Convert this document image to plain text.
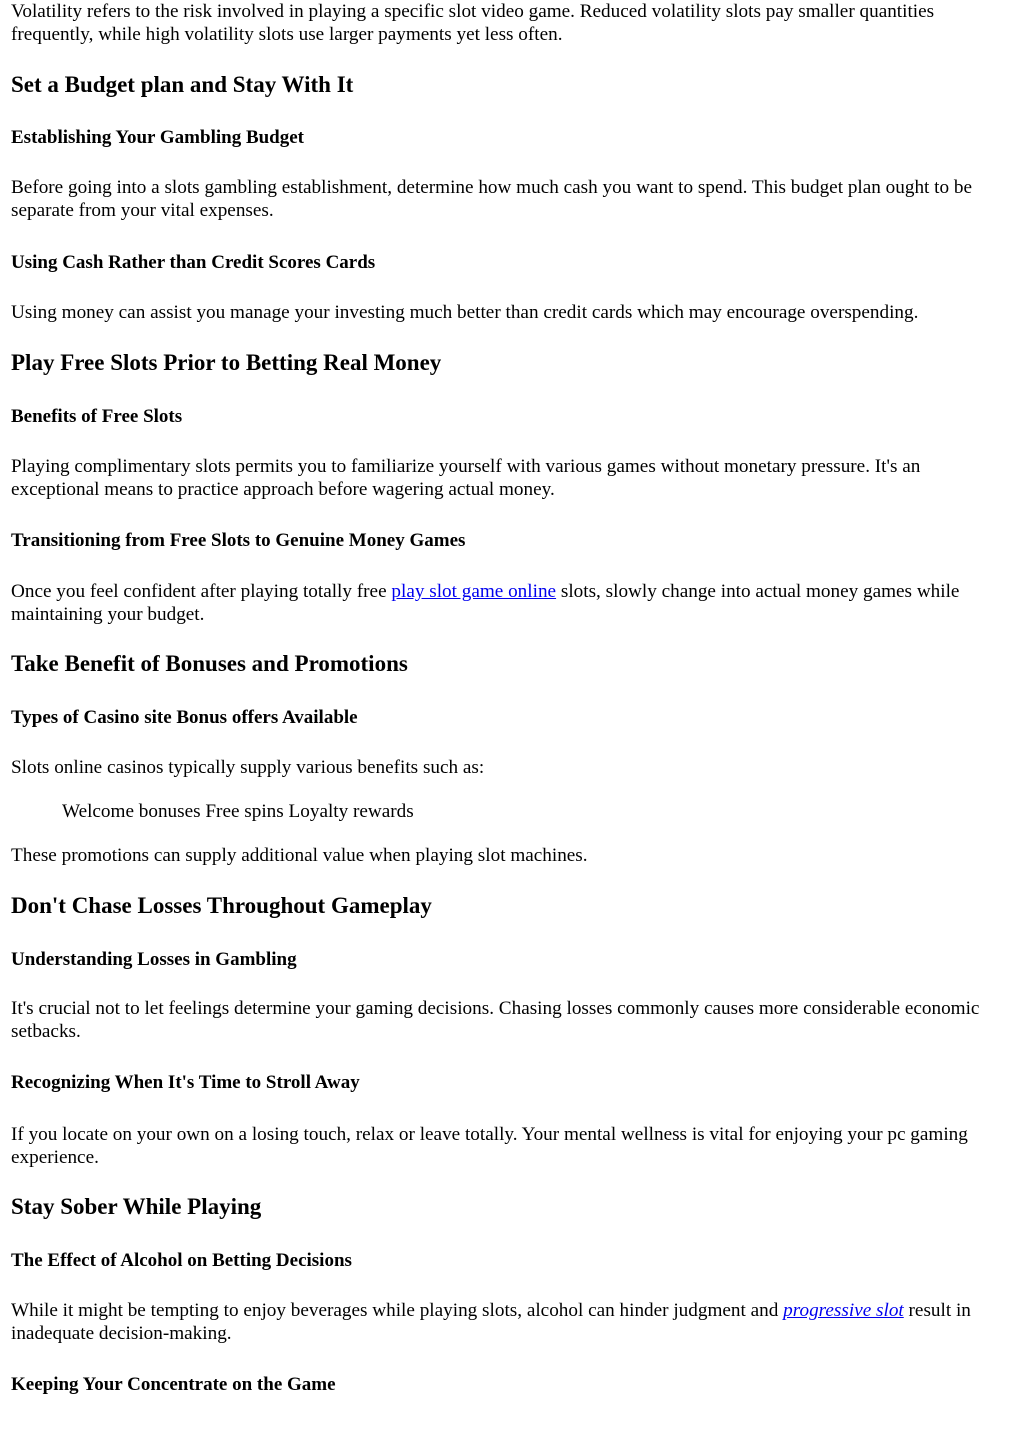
Volatility refers to the risk involved in playing a specific slot video game. Reduced volatility slots pay smaller quantities frequently, while high volatility slots use larger payments yet less often.

Set a Budget plan and Stay With It
Establishing Your Gambling Budget

Before going into a slots gambling establishment, determine how much cash you want to spend. This budget plan ought to be separate from your vital expenses.

Using Cash Rather than Credit Scores Cards

Using money can assist you manage your investing much better than credit cards which may encourage overspending.

Play Free Slots Prior to Betting Real Money
Benefits of Free Slots

Playing complimentary slots permits you to familiarize yourself with various games without monetary pressure. It's an exceptional means to practice approach before wagering actual money.

Transitioning from Free Slots to Genuine Money Games

Once you feel confident after playing totally free play slot game online slots, slowly change into actual money games while maintaining your budget.

Take Benefit of Bonuses and Promotions
Types of Casino site Bonus offers Available

Slots online casinos typically supply various benefits such as:

Welcome bonuses Free spins Loyalty rewards

These promotions can supply additional value when playing slot machines.

Don't Chase Losses Throughout Gameplay
Understanding Losses in Gambling

It's crucial not to let feelings determine your gaming decisions. Chasing losses commonly causes more considerable economic setbacks.

Recognizing When It's Time to Stroll Away

If you locate on your own on a losing touch, relax or leave totally. Your mental wellness is vital for enjoying your pc gaming experience.

Stay Sober While Playing
The Effect of Alcohol on Betting Decisions

While it might be tempting to enjoy beverages while playing slots, alcohol can hinder judgment and progressive slot result in inadequate decision-making.

Keeping Your Concentrate on the Game
